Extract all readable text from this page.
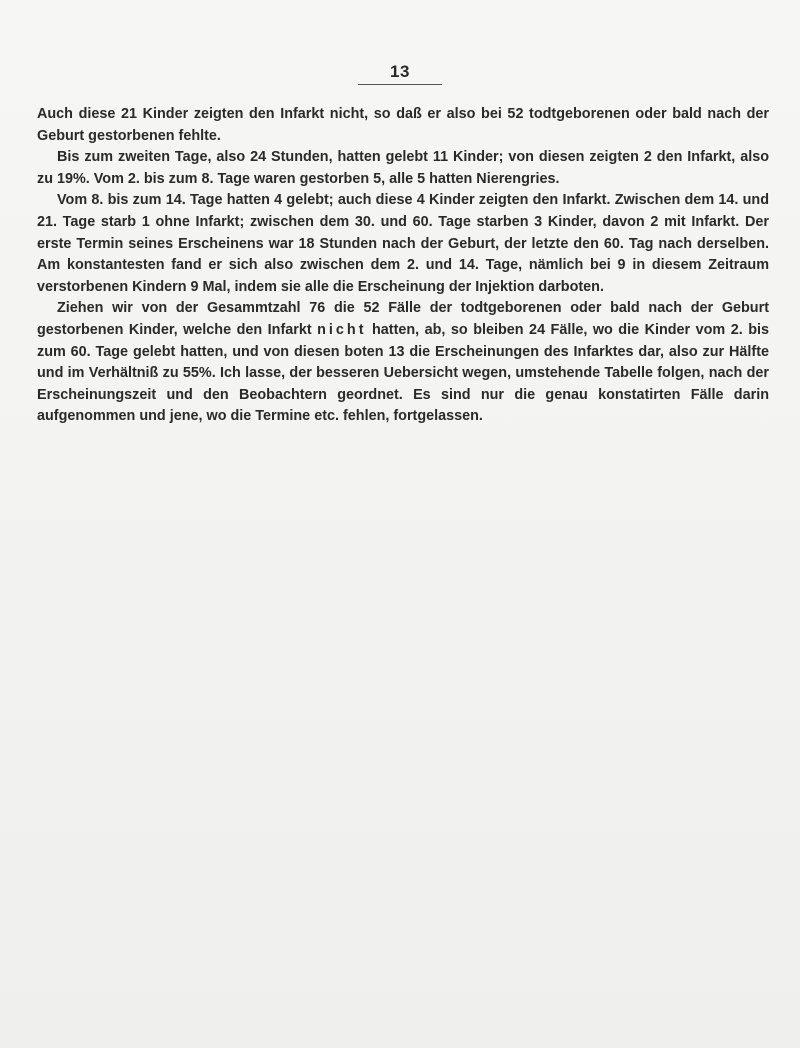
13

Auch diese 21 Kinder zeigten den Infarkt nicht, so daß er also bei 52 todtgeborenen oder bald nach der Geburt gestorbenen fehlte.

Bis zum zweiten Tage, also 24 Stunden, hatten gelebt 11 Kinder; von diesen zeigten 2 den Infarkt, also zu 19%. Vom 2. bis zum 8. Tage waren gestorben 5, alle 5 hatten Nierengries.

Vom 8. bis zum 14. Tage hatten 4 gelebt; auch diese 4 Kinder zeigten den Infarkt. Zwischen dem 14. und 21. Tage starb 1 ohne Infarkt; zwischen dem 30. und 60. Tage starben 3 Kinder, davon 2 mit Infarkt. Der erste Termin seines Erscheinens war 18 Stunden nach der Geburt, der letzte den 60. Tag nach derselben. Am konstantesten fand er sich also zwischen dem 2. und 14. Tage, nämlich bei 9 in diesem Zeitraum verstorbenen Kindern 9 Mal, indem sie alle die Erscheinung der Injektion darboten.

Ziehen wir von der Gesammtzahl 76 die 52 Fälle der todtgeborenen oder bald nach der Geburt gestorbenen Kinder, welche den Infarkt nicht hatten, ab, so bleiben 24 Fälle, wo die Kinder vom 2. bis zum 60. Tage gelebt hatten, und von diesen boten 13 die Erscheinungen des Infarktes dar, also zur Hälfte und im Verhältniß zu 55%. Ich lasse, der besseren Uebersicht wegen, umstehende Tabelle folgen, nach der Erscheinungszeit und den Beobachtern geordnet. Es sind nur die genau konstatirten Fälle darin aufgenommen und jene, wo die Termine etc. fehlen, fortgelassen.
